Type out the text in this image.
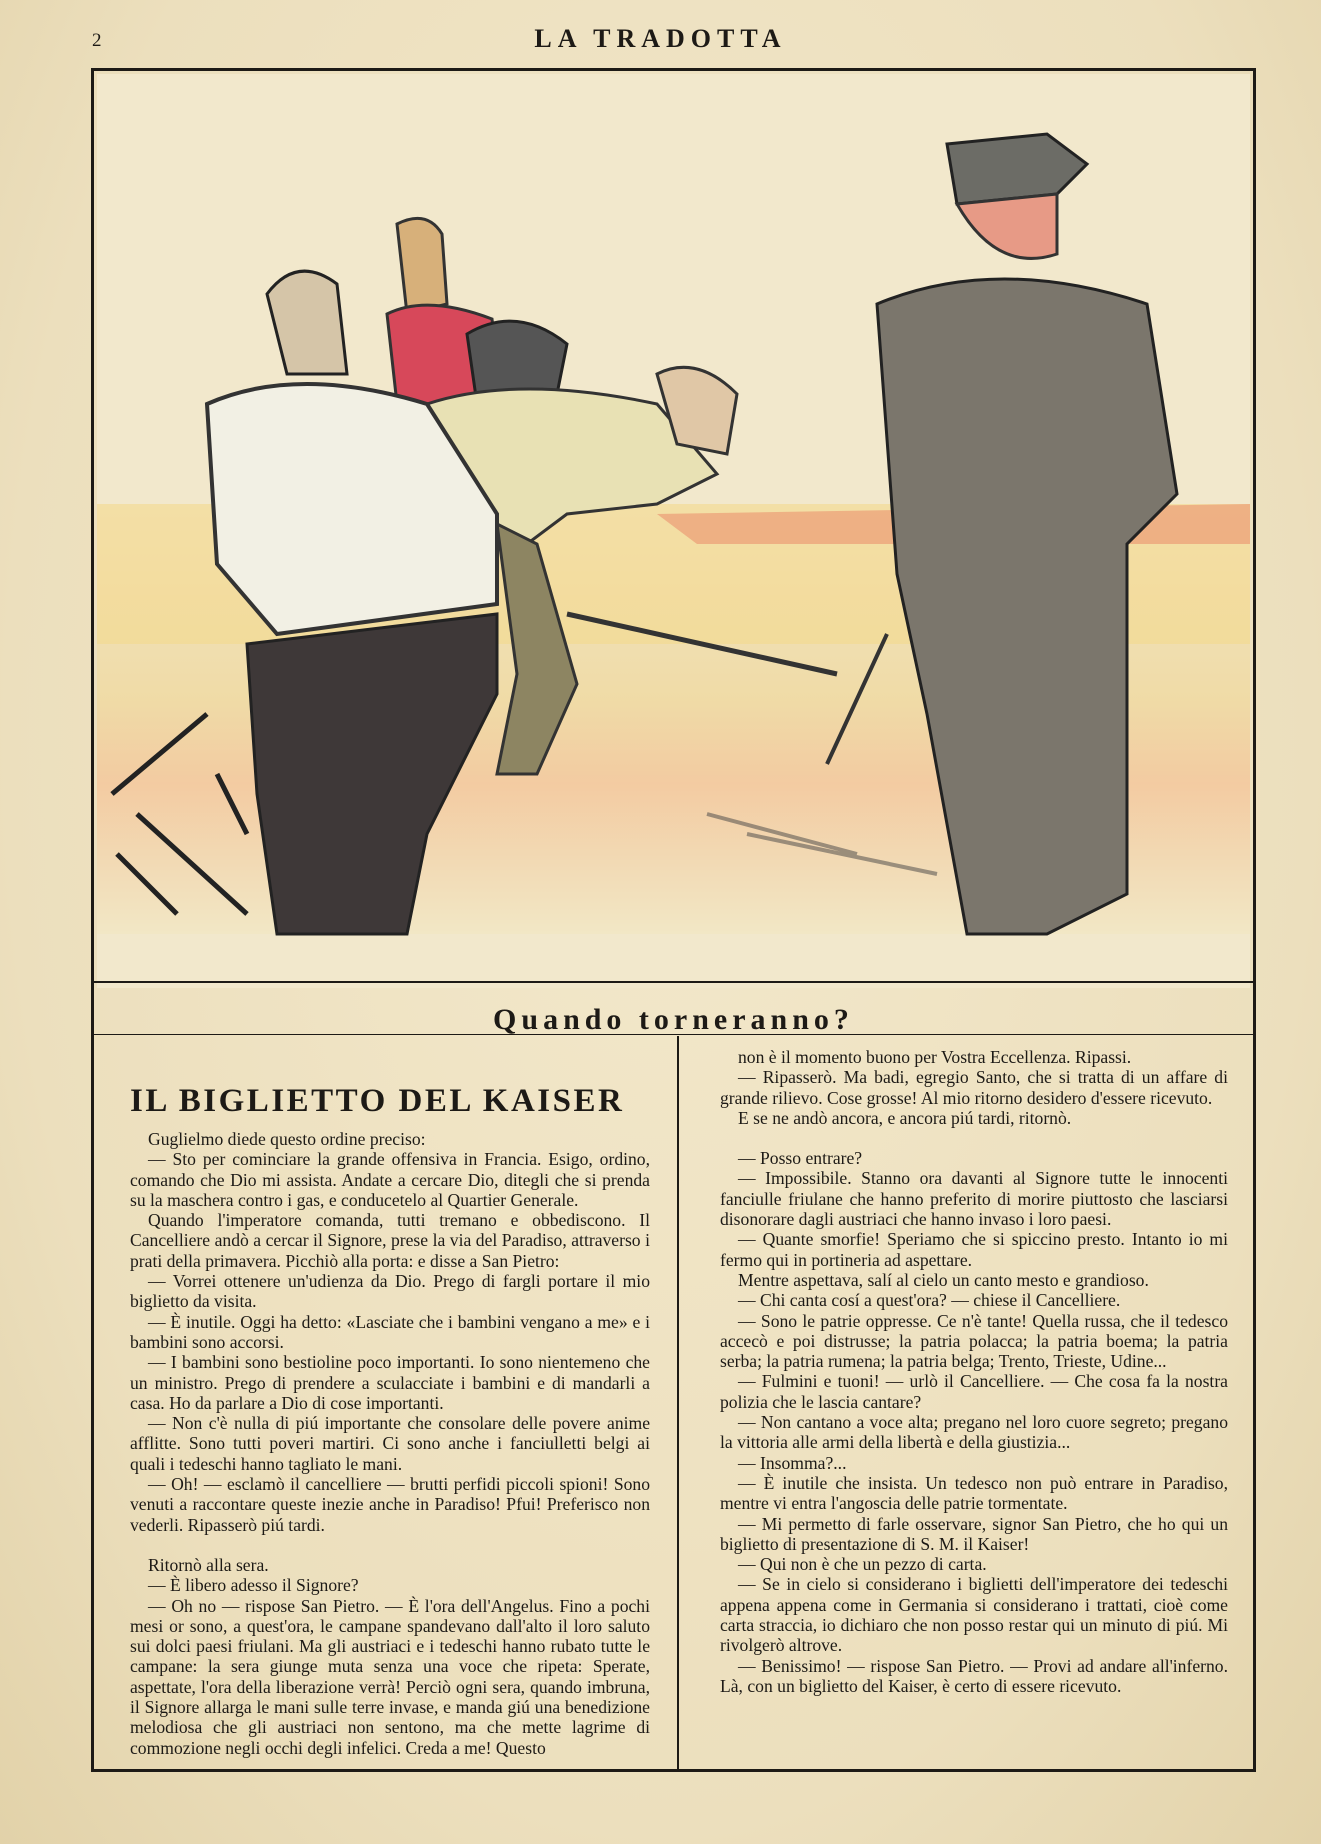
2	LA TRADOTTA
Quando torneranno?
IL BIGLIETTO DEL KAISER

Guglielmo diede questo ordine preciso:

— Sto per cominciare la grande offensiva in Francia. Esigo, ordino, comando che Dio mi assista. Andate a cercare Dio, ditegli che si prenda su la maschera contro i gas, e conducetelo al Quartier Generale.

Quando l'imperatore comanda, tutti tremano e obbediscono. Il Cancelliere andò a cercar il Signore, prese la via del Paradiso, attraverso i prati della primavera. Picchiò alla porta: e disse a San Pietro:

— Vorrei ottenere un'udienza da Dio. Prego di fargli portare il mio biglietto da visita.

— È inutile. Oggi ha detto: «Lasciate che i bambini vengano a me» e i bambini sono accorsi.

— I bambini sono bestioline poco importanti. Io sono nientemeno che un ministro. Prego di prendere a sculacciate i bambini e di mandarli a casa. Ho da parlare a Dio di cose importanti.

— Non c'è nulla di piú importante che consolare delle povere anime afflitte. Sono tutti poveri martiri. Ci sono anche i fanciulletti belgi ai quali i tedeschi hanno tagliato le mani.

— Oh! — esclamò il cancelliere — brutti perfidi piccoli spioni! Sono venuti a raccontare queste inezie anche in Paradiso! Pfui! Preferisco non vederli. Ripasserò piú tardi.

Ritornò alla sera.

— È libero adesso il Signore?

— Oh no — rispose San Pietro. — È l'ora dell'Angelus. Fino a pochi mesi or sono, a quest'ora, le campane spandevano dall'alto il loro saluto sui dolci paesi friulani. Ma gli austriaci e i tedeschi hanno rubato tutte le campane: la sera giunge muta senza una voce che ripeta: Sperate, aspettate, l'ora della liberazione verrà! Perciò ogni sera, quando imbruna, il Signore allarga le mani sulle terre invase, e manda giú una benedizione melodiosa che gli austriaci non sentono, ma che mette lagrime di commozione negli occhi degli infelici. Creda a me! Questo

non è il momento buono per Vostra Eccellenza. Ripassi.

— Ripasserò. Ma badi, egregio Santo, che si tratta di un affare di grande rilievo. Cose grosse! Al mio ritorno desidero d'essere ricevuto.

E se ne andò ancora, e ancora piú tardi, ritornò.

— Posso entrare?

— Impossibile. Stanno ora davanti al Signore tutte le innocenti fanciulle friulane che hanno preferito di morire piuttosto che lasciarsi disonorare dagli austriaci che hanno invaso i loro paesi.

— Quante smorfie! Speriamo che si spiccino presto. Intanto io mi fermo qui in portineria ad aspettare.

Mentre aspettava, salí al cielo un canto mesto e grandioso.

— Chi canta cosí a quest'ora? — chiese il Cancelliere.

— Sono le patrie oppresse. Ce n'è tante! Quella russa, che il tedesco accecò e poi distrusse; la patria polacca; la patria boema; la patria serba; la patria rumena; la patria belga; Trento, Trieste, Udine...

— Fulmini e tuoni! — urlò il Cancelliere. — Che cosa fa la nostra polizia che le lascia cantare?

— Non cantano a voce alta; pregano nel loro cuore segreto; pregano la vittoria alle armi della libertà e della giustizia...

— Insomma?...

— È inutile che insista. Un tedesco non può entrare in Paradiso, mentre vi entra l'angoscia delle patrie tormentate.

— Mi permetto di farle osservare, signor San Pietro, che ho qui un biglietto di presentazione di S. M. il Kaiser!

— Qui non è che un pezzo di carta.

— Se in cielo si considerano i biglietti dell'imperatore dei tedeschi appena appena come in Germania si considerano i trattati, cioè come carta straccia, io dichiaro che non posso restar qui un minuto di piú. Mi rivolgerò altrove.

— Benissimo! — rispose San Pietro. — Provi ad andare all'inferno. Là, con un biglietto del Kaiser, è certo di essere ricevuto.
